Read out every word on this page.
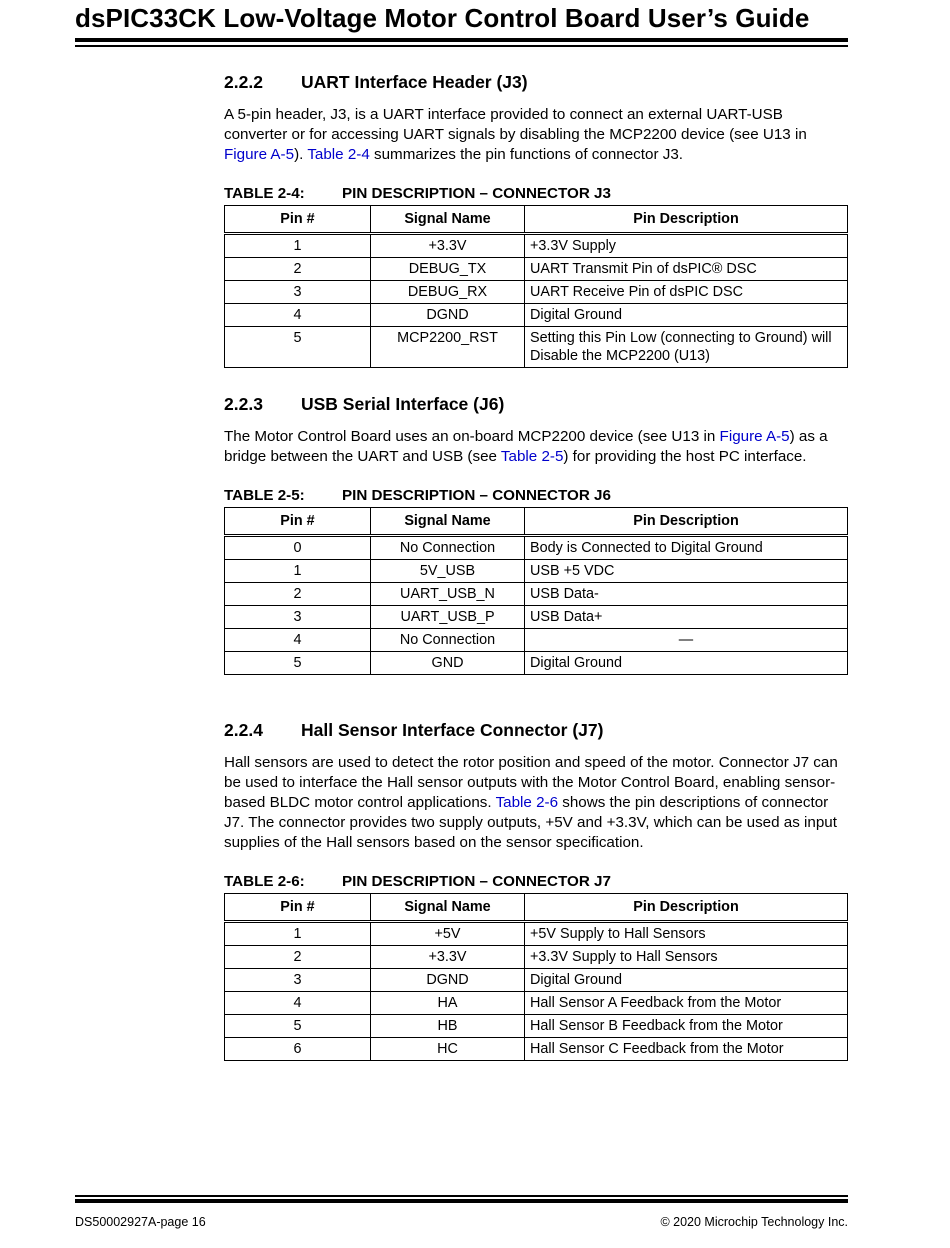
dsPIC33CK Low-Voltage Motor Control Board User’s Guide
2.2.2 UART Interface Header (J3)
A 5-pin header, J3, is a UART interface provided to connect an external UART-USB converter or for accessing UART signals by disabling the MCP2200 device (see U13 in Figure A-5). Table 2-4 summarizes the pin functions of connector J3.
TABLE 2-4: PIN DESCRIPTION – CONNECTOR J3
Pin #	Signal Name	Pin Description
1	+3.3V	+3.3V Supply
2	DEBUG_TX	UART Transmit Pin of dsPIC® DSC
3	DEBUG_RX	UART Receive Pin of dsPIC DSC
4	DGND	Digital Ground
5	MCP2200_RST	Setting this Pin Low (connecting to Ground) will Disable the MCP2200 (U13)
2.2.3 USB Serial Interface (J6)
The Motor Control Board uses an on-board MCP2200 device (see U13 in Figure A-5) as a bridge between the UART and USB (see Table 2-5) for providing the host PC interface.
TABLE 2-5: PIN DESCRIPTION – CONNECTOR J6
Pin #	Signal Name	Pin Description
0	No Connection	Body is Connected to Digital Ground
1	5V_USB	USB +5 VDC
2	UART_USB_N	USB Data-
3	UART_USB_P	USB Data+
4	No Connection	—
5	GND	Digital Ground
2.2.4 Hall Sensor Interface Connector (J7)
Hall sensors are used to detect the rotor position and speed of the motor. Connector J7 can be used to interface the Hall sensor outputs with the Motor Control Board, enabling sensor-based BLDC motor control applications. Table 2-6 shows the pin descriptions of connector J7. The connector provides two supply outputs, +5V and +3.3V, which can be used as input supplies of the Hall sensors based on the sensor specification.
TABLE 2-6: PIN DESCRIPTION – CONNECTOR J7
Pin #	Signal Name	Pin Description
1	+5V	+5V Supply to Hall Sensors
2	+3.3V	+3.3V Supply to Hall Sensors
3	DGND	Digital Ground
4	HA	Hall Sensor A Feedback from the Motor
5	HB	Hall Sensor B Feedback from the Motor
6	HC	Hall Sensor C Feedback from the Motor
DS50002927A-page 16	© 2020 Microchip Technology Inc.
